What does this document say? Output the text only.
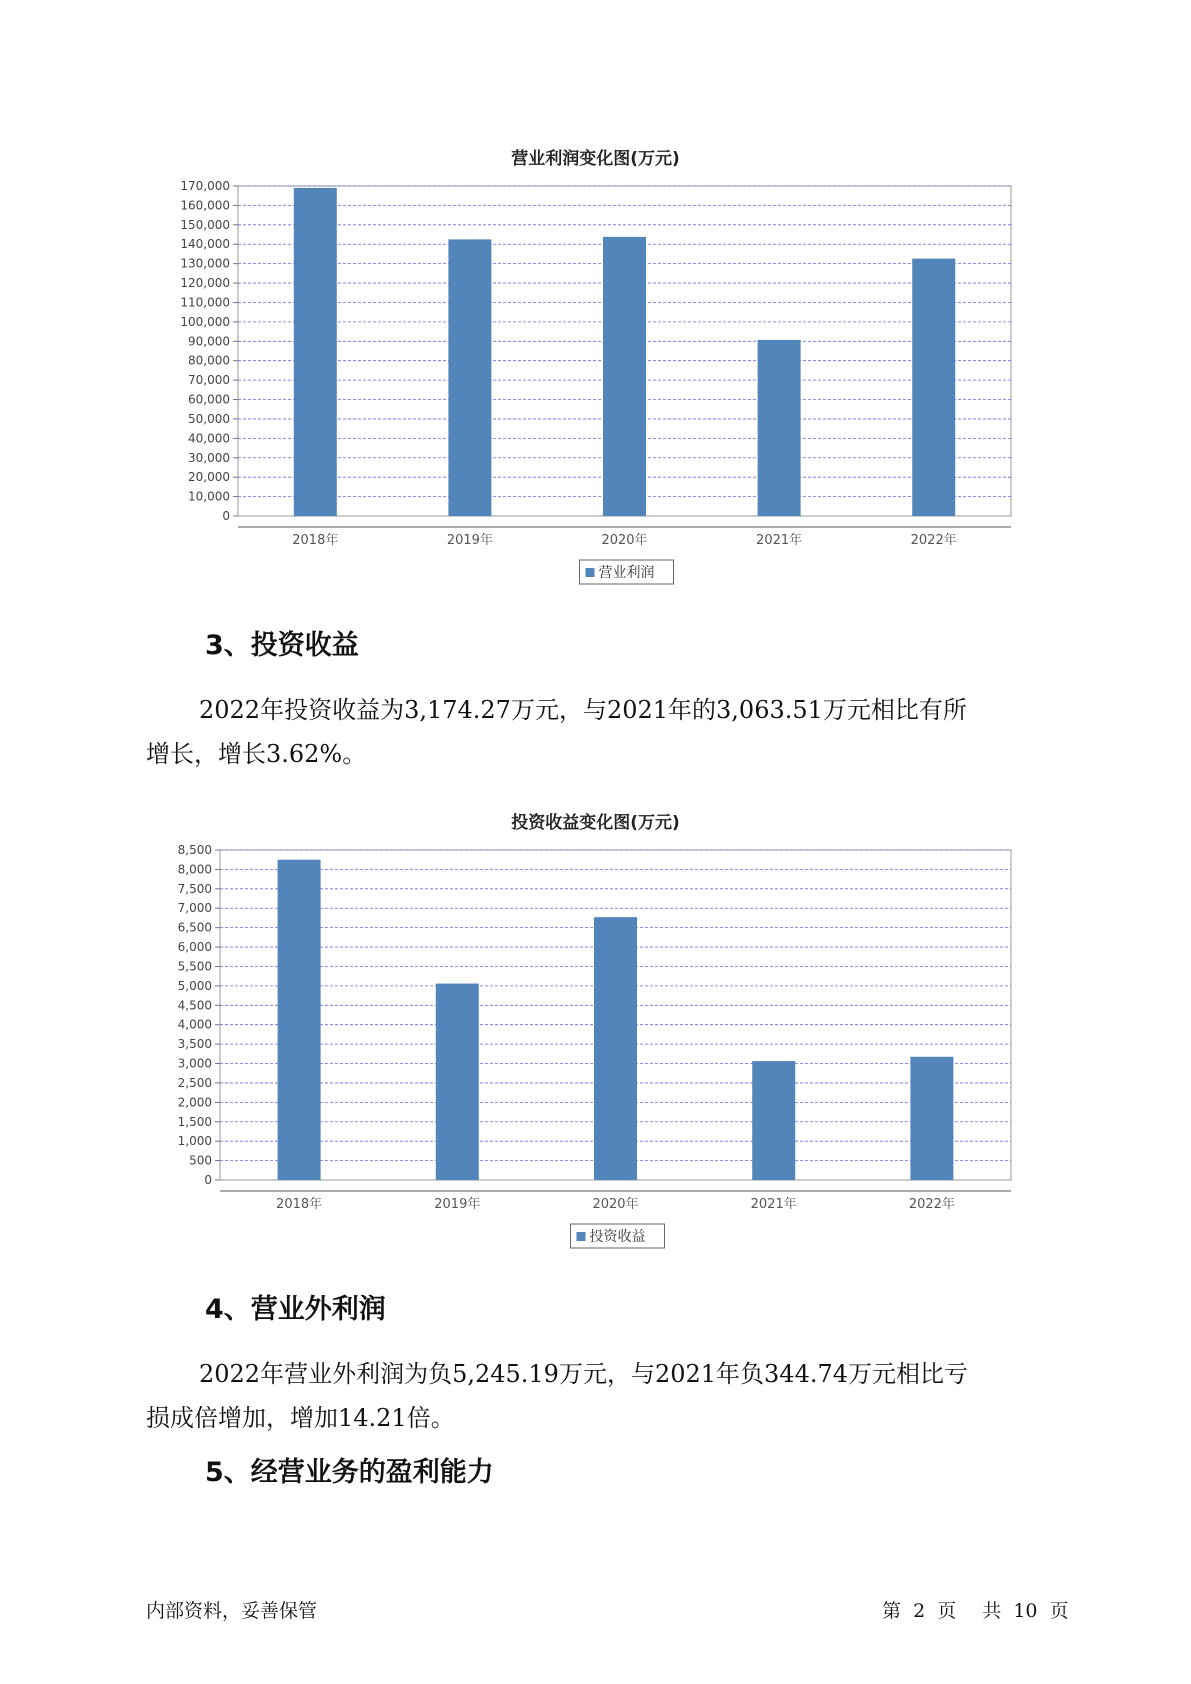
营业利润变化图(万元)
0
10,000
20,000
30,000
40,000
50,000
60,000
70,000
80,000
90,000
100,000
110,000
120,000
130,000
140,000
150,000
160,000
170,000
2018年	2019年	2020年	2021年	2022年
营业利润
3、投资收益

2022年投资收益为3,174.27万元，与2021年的3,063.51万元相比有所
增长，增长3.62%。

投资收益变化图(万元)
0
500
1,000
1,500
2,000
2,500
3,000
3,500
4,000
4,500
5,000
5,500
6,000
6,500
7,000
7,500
8,000
8,500
2018年	2019年	2020年	2021年	2022年
投资收益
4、营业外利润

2022年营业外利润为负5,245.19万元，与2021年负344.74万元相比亏
损成倍增加，增加14.21倍。

5、经营业务的盈利能力
内部资料，妥善保管	第 2 页 共 10 页
